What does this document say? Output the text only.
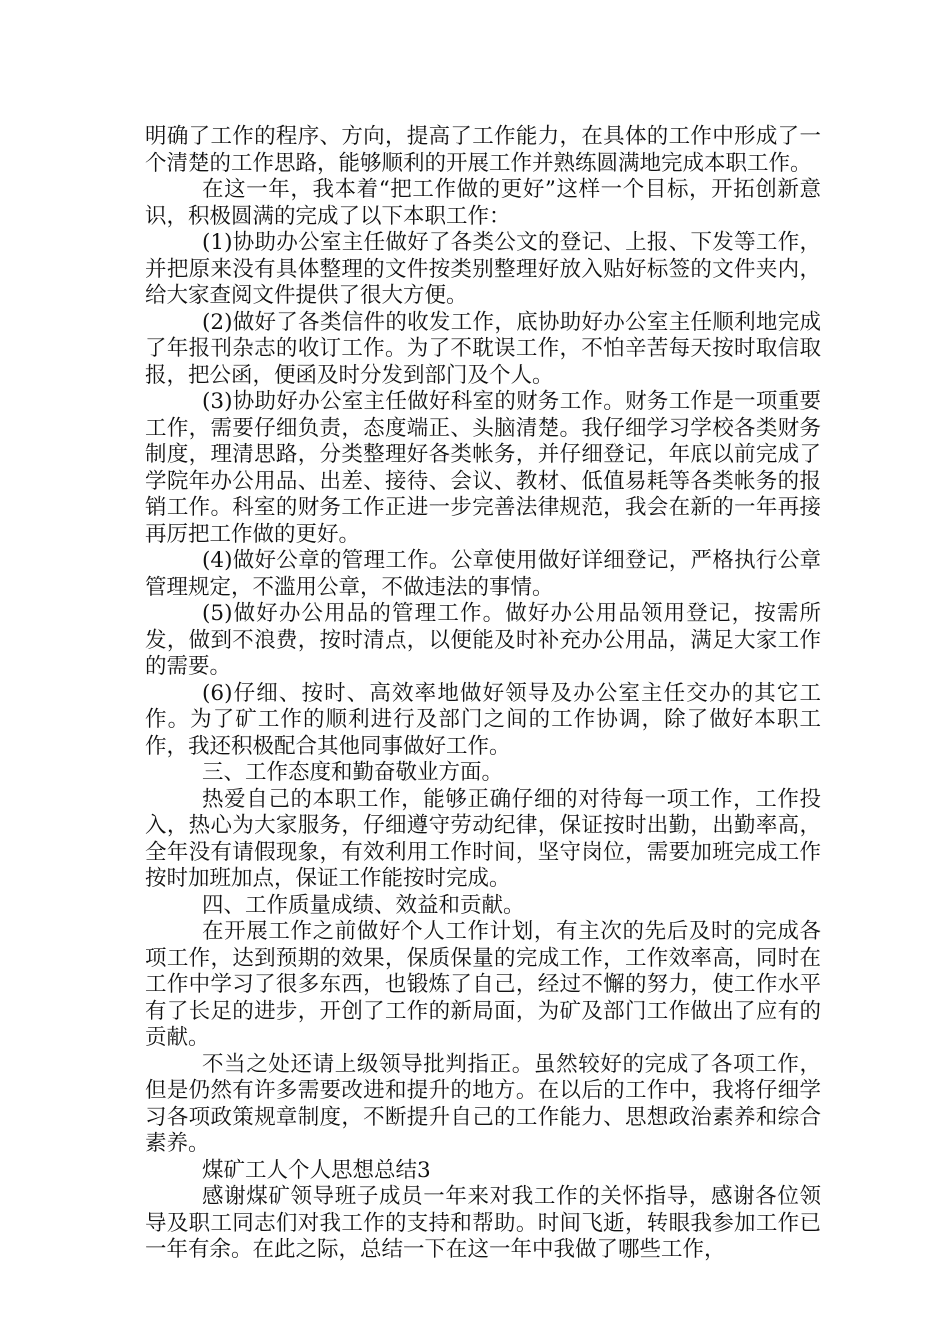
明确了工作的程序、方向，提高了工作能力，在具体的工作中形成了一个清楚的工作思路，能够顺利的开展工作并熟练圆满地完成本职工作。

在这一年，我本着“把工作做的更好”这样一个目标，开拓创新意识，积极圆满的完成了以下本职工作：

(1)协助办公室主任做好了各类公文的登记、上报、下发等工作，并把原来没有具体整理的文件按类别整理好放入贴好标签的文件夹内，给大家查阅文件提供了很大方便。

(2)做好了各类信件的收发工作，底协助好办公室主任顺利地完成了年报刊杂志的收订工作。为了不耽误工作，不怕辛苦每天按时取信取报，把公函，便函及时分发到部门及个人。

(3)协助好办公室主任做好科室的财务工作。财务工作是一项重要工作，需要仔细负责，态度端正、头脑清楚。我仔细学习学校各类财务制度，理清思路，分类整理好各类帐务，并仔细登记，年底以前完成了学院年办公用品、出差、接待、会议、教材、低值易耗等各类帐务的报销工作。科室的财务工作正进一步完善法律规范，我会在新的一年再接再厉把工作做的更好。

(4)做好公章的管理工作。公章使用做好详细登记，严格执行公章管理规定，不滥用公章，不做违法的事情。

(5)做好办公用品的管理工作。做好办公用品领用登记，按需所发，做到不浪费，按时清点，以便能及时补充办公用品，满足大家工作的需要。

(6)仔细、按时、高效率地做好领导及办公室主任交办的其它工作。为了矿工作的顺利进行及部门之间的工作协调，除了做好本职工作，我还积极配合其他同事做好工作。

三、工作态度和勤奋敬业方面。

热爱自己的本职工作，能够正确仔细的对待每一项工作，工作投入，热心为大家服务，仔细遵守劳动纪律，保证按时出勤，出勤率高，全年没有请假现象，有效利用工作时间，坚守岗位，需要加班完成工作按时加班加点，保证工作能按时完成。

四、工作质量成绩、效益和贡献。

在开展工作之前做好个人工作计划，有主次的先后及时的完成各项工作，达到预期的效果，保质保量的完成工作，工作效率高，同时在工作中学习了很多东西，也锻炼了自己，经过不懈的努力，使工作水平有了长足的进步，开创了工作的新局面，为矿及部门工作做出了应有的贡献。

不当之处还请上级领导批判指正。虽然较好的完成了各项工作，但是仍然有许多需要改进和提升的地方。在以后的工作中，我将仔细学习各项政策规章制度，不断提升自己的工作能力、思想政治素养和综合素养。

煤矿工人个人思想总结3

感谢煤矿领导班子成员一年来对我工作的关怀指导，感谢各位领导及职工同志们对我工作的支持和帮助。时间飞逝，转眼我参加工作已一年有余。在此之际，总结一下在这一年中我做了哪些工作，
